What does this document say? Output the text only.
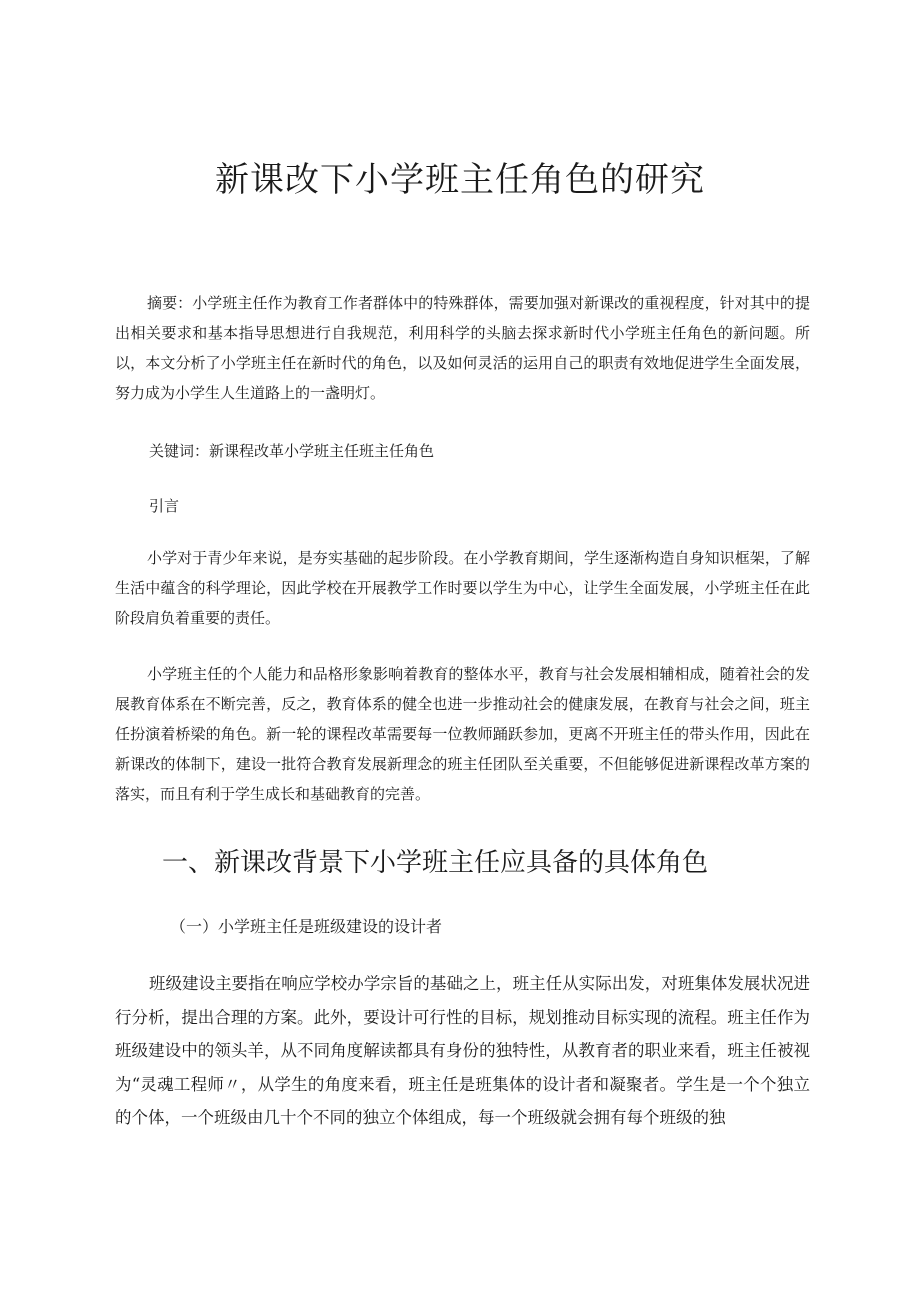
新课改下小学班主任角色的研究
摘要：小学班主任作为教育工作者群体中的特殊群体，需要加强对新课改的重视程度，针对其中的提出相关要求和基本指导思想进行自我规范，利用科学的头脑去探求新时代小学班主任角色的新问题。所以，本文分析了小学班主任在新时代的角色，以及如何灵活的运用自己的职责有效地促进学生全面发展，努力成为小学生人生道路上的一盏明灯。
关键词：新课程改革小学班主任班主任角色
引言
小学对于青少年来说，是夯实基础的起步阶段。在小学教育期间，学生逐渐构造自身知识框架，了解生活中蕴含的科学理论，因此学校在开展教学工作时要以学生为中心，让学生全面发展，小学班主任在此阶段肩负着重要的责任。
小学班主任的个人能力和品格形象影响着教育的整体水平，教育与社会发展相辅相成，随着社会的发展教育体系在不断完善，反之，教育体系的健全也进一步推动社会的健康发展，在教育与社会之间，班主任扮演着桥梁的角色。新一轮的课程改革需要每一位教师踊跃参加，更离不开班主任的带头作用，因此在新课改的体制下，建设一批符合教育发展新理念的班主任团队至关重要，不但能够促进新课程改革方案的落实，而且有利于学生成长和基础教育的完善。
一、新课改背景下小学班主任应具备的具体角色
（一）小学班主任是班级建设的设计者
班级建设主要指在响应学校办学宗旨的基础之上，班主任从实际出发，对班集体发展状况进行分析，提出合理的方案。此外，要设计可行性的目标，规划推动目标实现的流程。班主任作为班级建设中的领头羊，从不同角度解读都具有身份的独特性，从教育者的职业来看，班主任被视为“灵魂工程师〃，从学生的角度来看，班主任是班集体的设计者和凝聚者。学生是一个个独立的个体，一个班级由几十个不同的独立个体组成，每一个班级就会拥有每个班级的独
